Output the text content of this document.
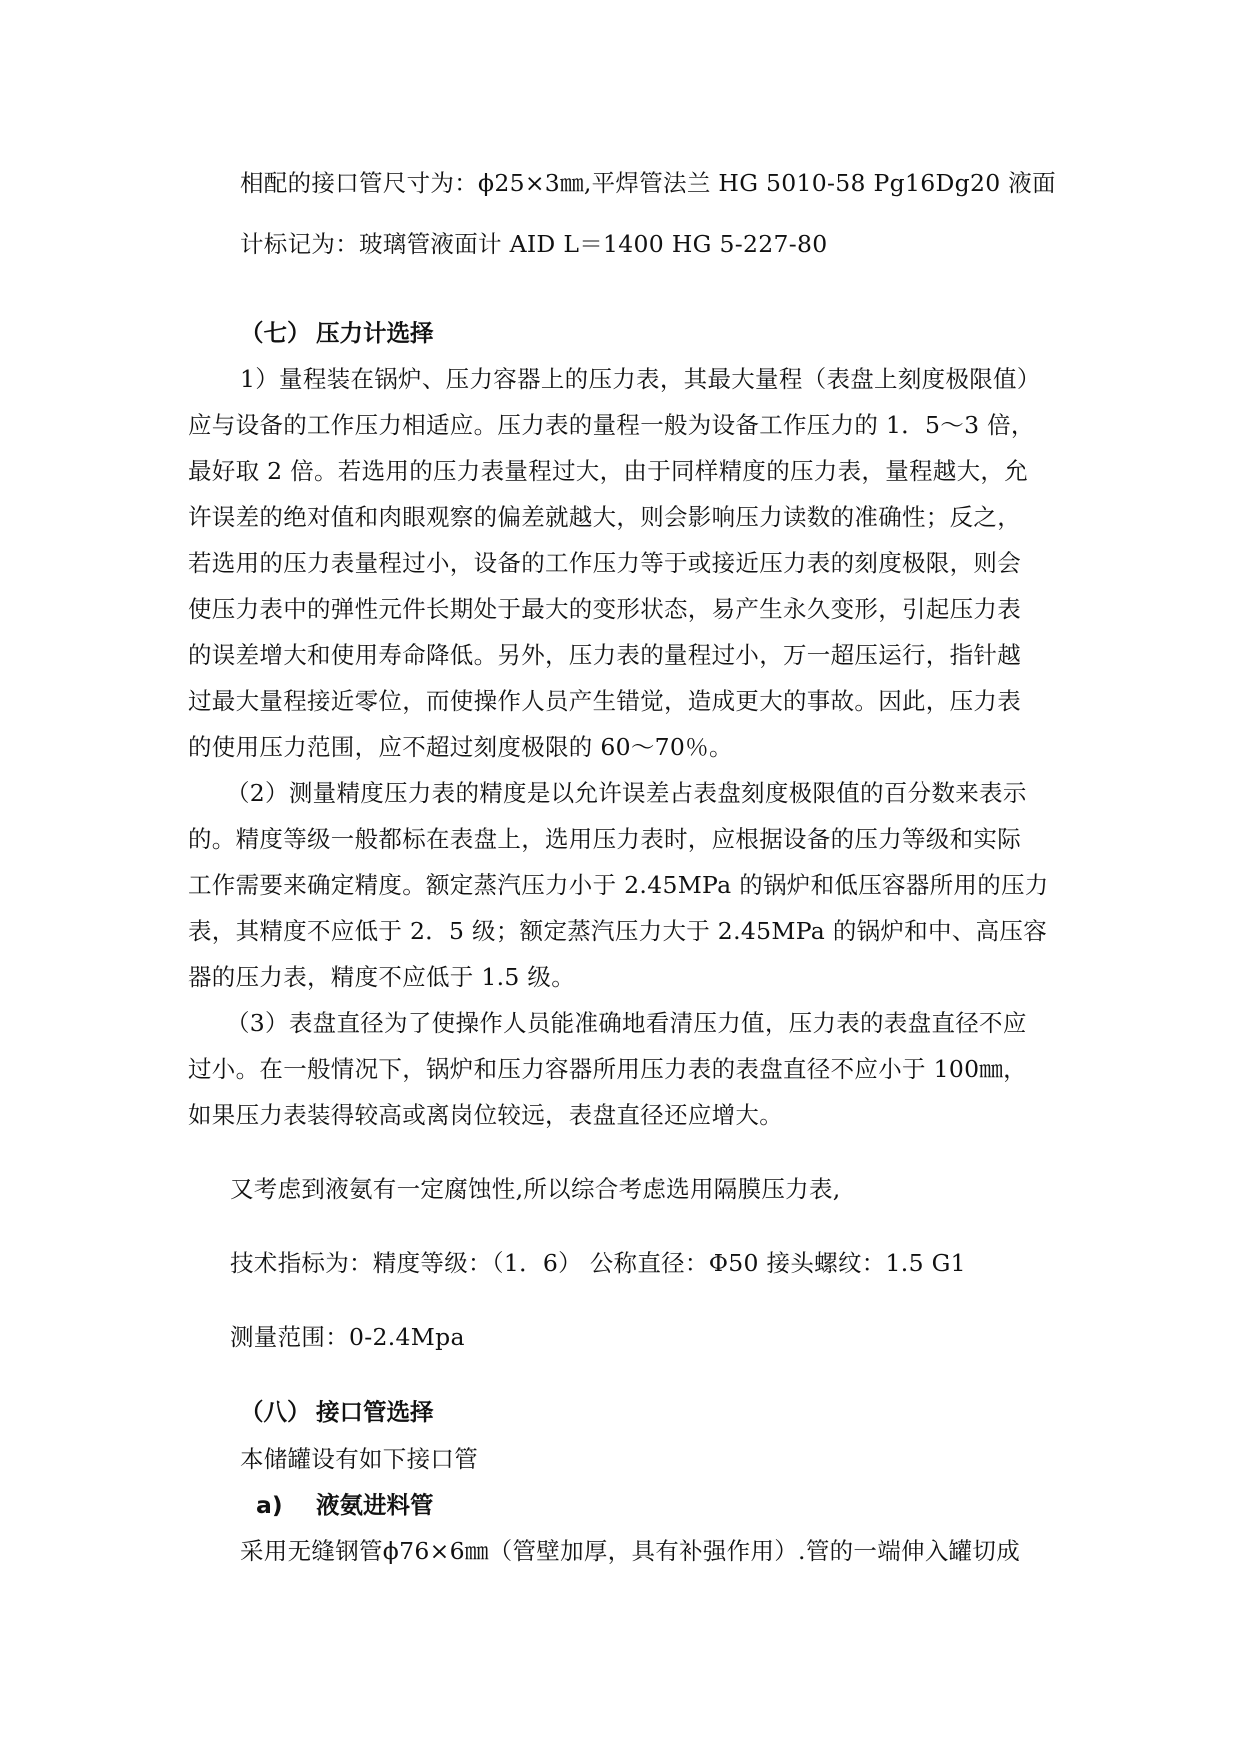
相配的接口管尺寸为：ϕ25×3㎜,平焊管法兰 HG 5010-58 Pg16Dg20 液面
计标记为：玻璃管液面计 AⅠD L＝1400 HG 5-227-80
（七） 压力计选择
1）量程装在锅炉、压力容器上的压力表，其最大量程（表盘上刻度极限值）
应与设备的工作压力相适应。压力表的量程一般为设备工作压力的 1．5～3 倍，
最好取 2 倍。若选用的压力表量程过大，由于同样精度的压力表，量程越大，允
许误差的绝对值和肉眼观察的偏差就越大，则会影响压力读数的准确性；反之，
若选用的压力表量程过小，设备的工作压力等于或接近压力表的刻度极限，则会
使压力表中的弹性元件长期处于最大的变形状态，易产生永久变形，引起压力表
的误差增大和使用寿命降低。另外，压力表的量程过小，万一超压运行，指针越
过最大量程接近零位，而使操作人员产生错觉，造成更大的事故。因此，压力表
的使用压力范围，应不超过刻度极限的 60～70％。
（2）测量精度压力表的精度是以允许误差占表盘刻度极限值的百分数来表示
的。精度等级一般都标在表盘上，选用压力表时，应根据设备的压力等级和实际
工作需要来确定精度。额定蒸汽压力小于 2.45MPa 的锅炉和低压容器所用的压力
表，其精度不应低于 2．5 级；额定蒸汽压力大于 2.45MPa 的锅炉和中、高压容
器的压力表，精度不应低于 1.5 级。
（3）表盘直径为了使操作人员能准确地看清压力值，压力表的表盘直径不应
过小。在一般情况下，锅炉和压力容器所用压力表的表盘直径不应小于 100㎜，
如果压力表装得较高或离岗位较远，表盘直径还应增大。
又考虑到液氨有一定腐蚀性,所以综合考虑选用隔膜压力表,
技术指标为：精度等级：（1．6） 公称直径：Φ50 接头螺纹：1.5 G1
测量范围：0-2.4Mpa
（八） 接口管选择
本储罐设有如下接口管
a) 液氨进料管
采用无缝钢管ϕ76×6㎜（管壁加厚，具有补强作用）.管的一端伸入罐切成
